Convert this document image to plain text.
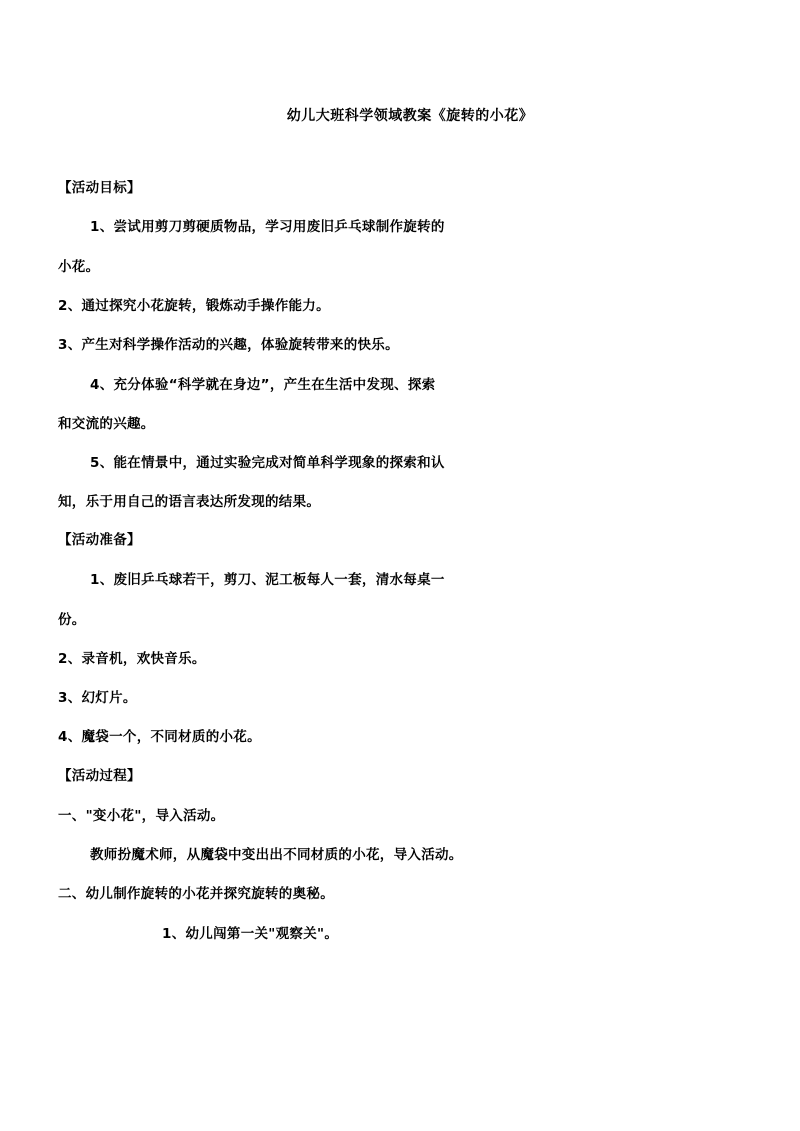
幼儿大班科学领域教案《旋转的小花》
【活动目标】
1、尝试用剪刀剪硬质物品，学习用废旧乒乓球制作旋转的
小花。
2、通过探究小花旋转，锻炼动手操作能力。
3、产生对科学操作活动的兴趣，体验旋转带来的快乐。
4、充分体验“科学就在身边”，产生在生活中发现、探索
和交流的兴趣。
5、能在情景中，通过实验完成对简单科学现象的探索和认
知，乐于用自己的语言表达所发现的结果。
【活动准备】
1、废旧乒乓球若干，剪刀、泥工板每人一套，清水每桌一
份。
2、录音机，欢快音乐。
3、幻灯片。
4、魔袋一个，不同材质的小花。
【活动过程】
一、"变小花"，导入活动。
教师扮魔术师，从魔袋中变出出不同材质的小花，导入活动。
二、幼儿制作旋转的小花并探究旋转的奥秘。
1、幼儿闯第一关"观察关"。
